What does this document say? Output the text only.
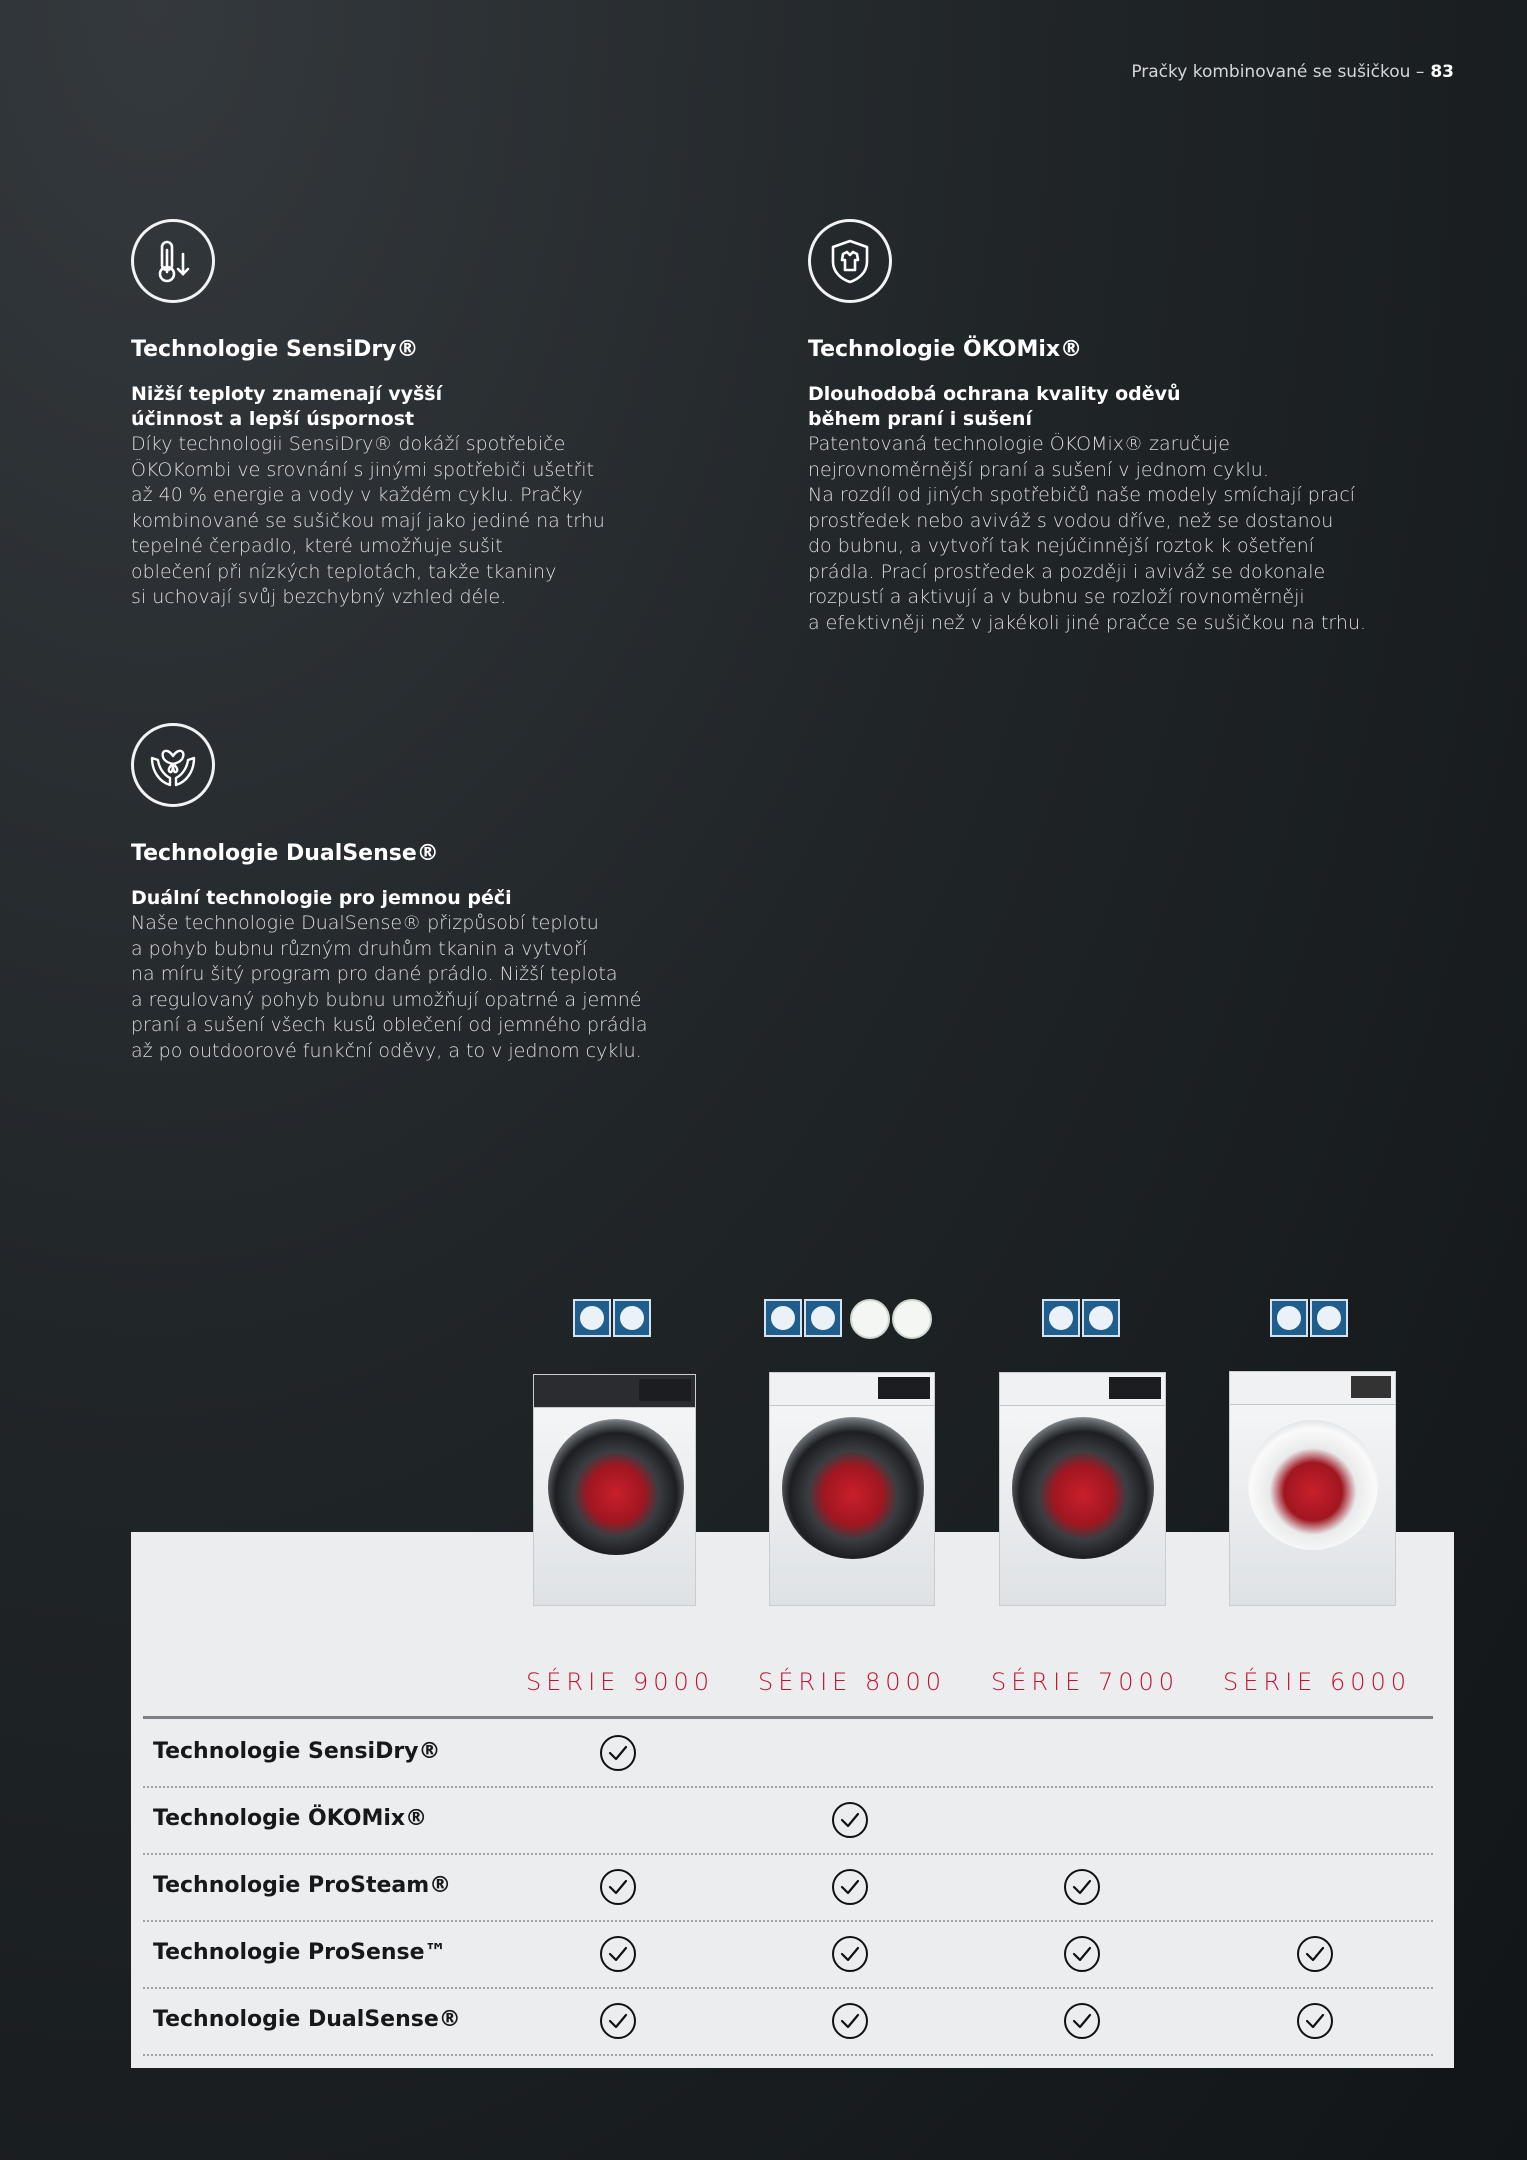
Pračky kombinované se sušičkou – 83
Technologie SensiDry®
Nižší teploty znamenají vyšší
účinnost a lepší úspornost
Díky technologii SensiDry® dokáží spotřebiče
ÖKOKombi ve srovnání s jinými spotřebiči ušetřit
až 40 % energie a vody v každém cyklu. Pračky
kombinované se sušičkou mají jako jediné na trhu
tepelné čerpadlo, které umožňuje sušit
oblečení při nízkých teplotách, takže tkaniny
si uchovají svůj bezchybný vzhled déle.
Technologie ÖKOMix®
Dlouhodobá ochrana kvality oděvů
během praní i sušení
Patentovaná technologie ÖKOMix® zaručuje
nejrovnoměrnější praní a sušení v jednom cyklu.
Na rozdíl od jiných spotřebičů naše modely smíchají prací
prostředek nebo aviváž s vodou dříve, než se dostanou
do bubnu, a vytvoří tak nejúčinnější roztok k ošetření
prádla. Prací prostředek a později i aviváž se dokonale
rozpustí a aktivují a v bubnu se rozloží rovnoměrněji
a efektivněji než v jakékoli jiné pračce se sušičkou na trhu.
Technologie DualSense®
Duální technologie pro jemnou péči
Naše technologie DualSense® přizpůsobí teplotu
a pohyb bubnu různým druhům tkanin a vytvoří
na míru šitý program pro dané prádlo. Nižší teplota
a regulovaný pohyb bubnu umožňují opatrné a jemné
praní a sušení všech kusů oblečení od jemného prádla
až po outdoorové funkční oděvy, a to v jednom cyklu.
SÉRIE 9000 SÉRIE 8000 SÉRIE 7000 SÉRIE 6000
Technologie SensiDry®
Technologie ÖKOMix®
Technologie ProSteam®
Technologie ProSense™
Technologie DualSense®
